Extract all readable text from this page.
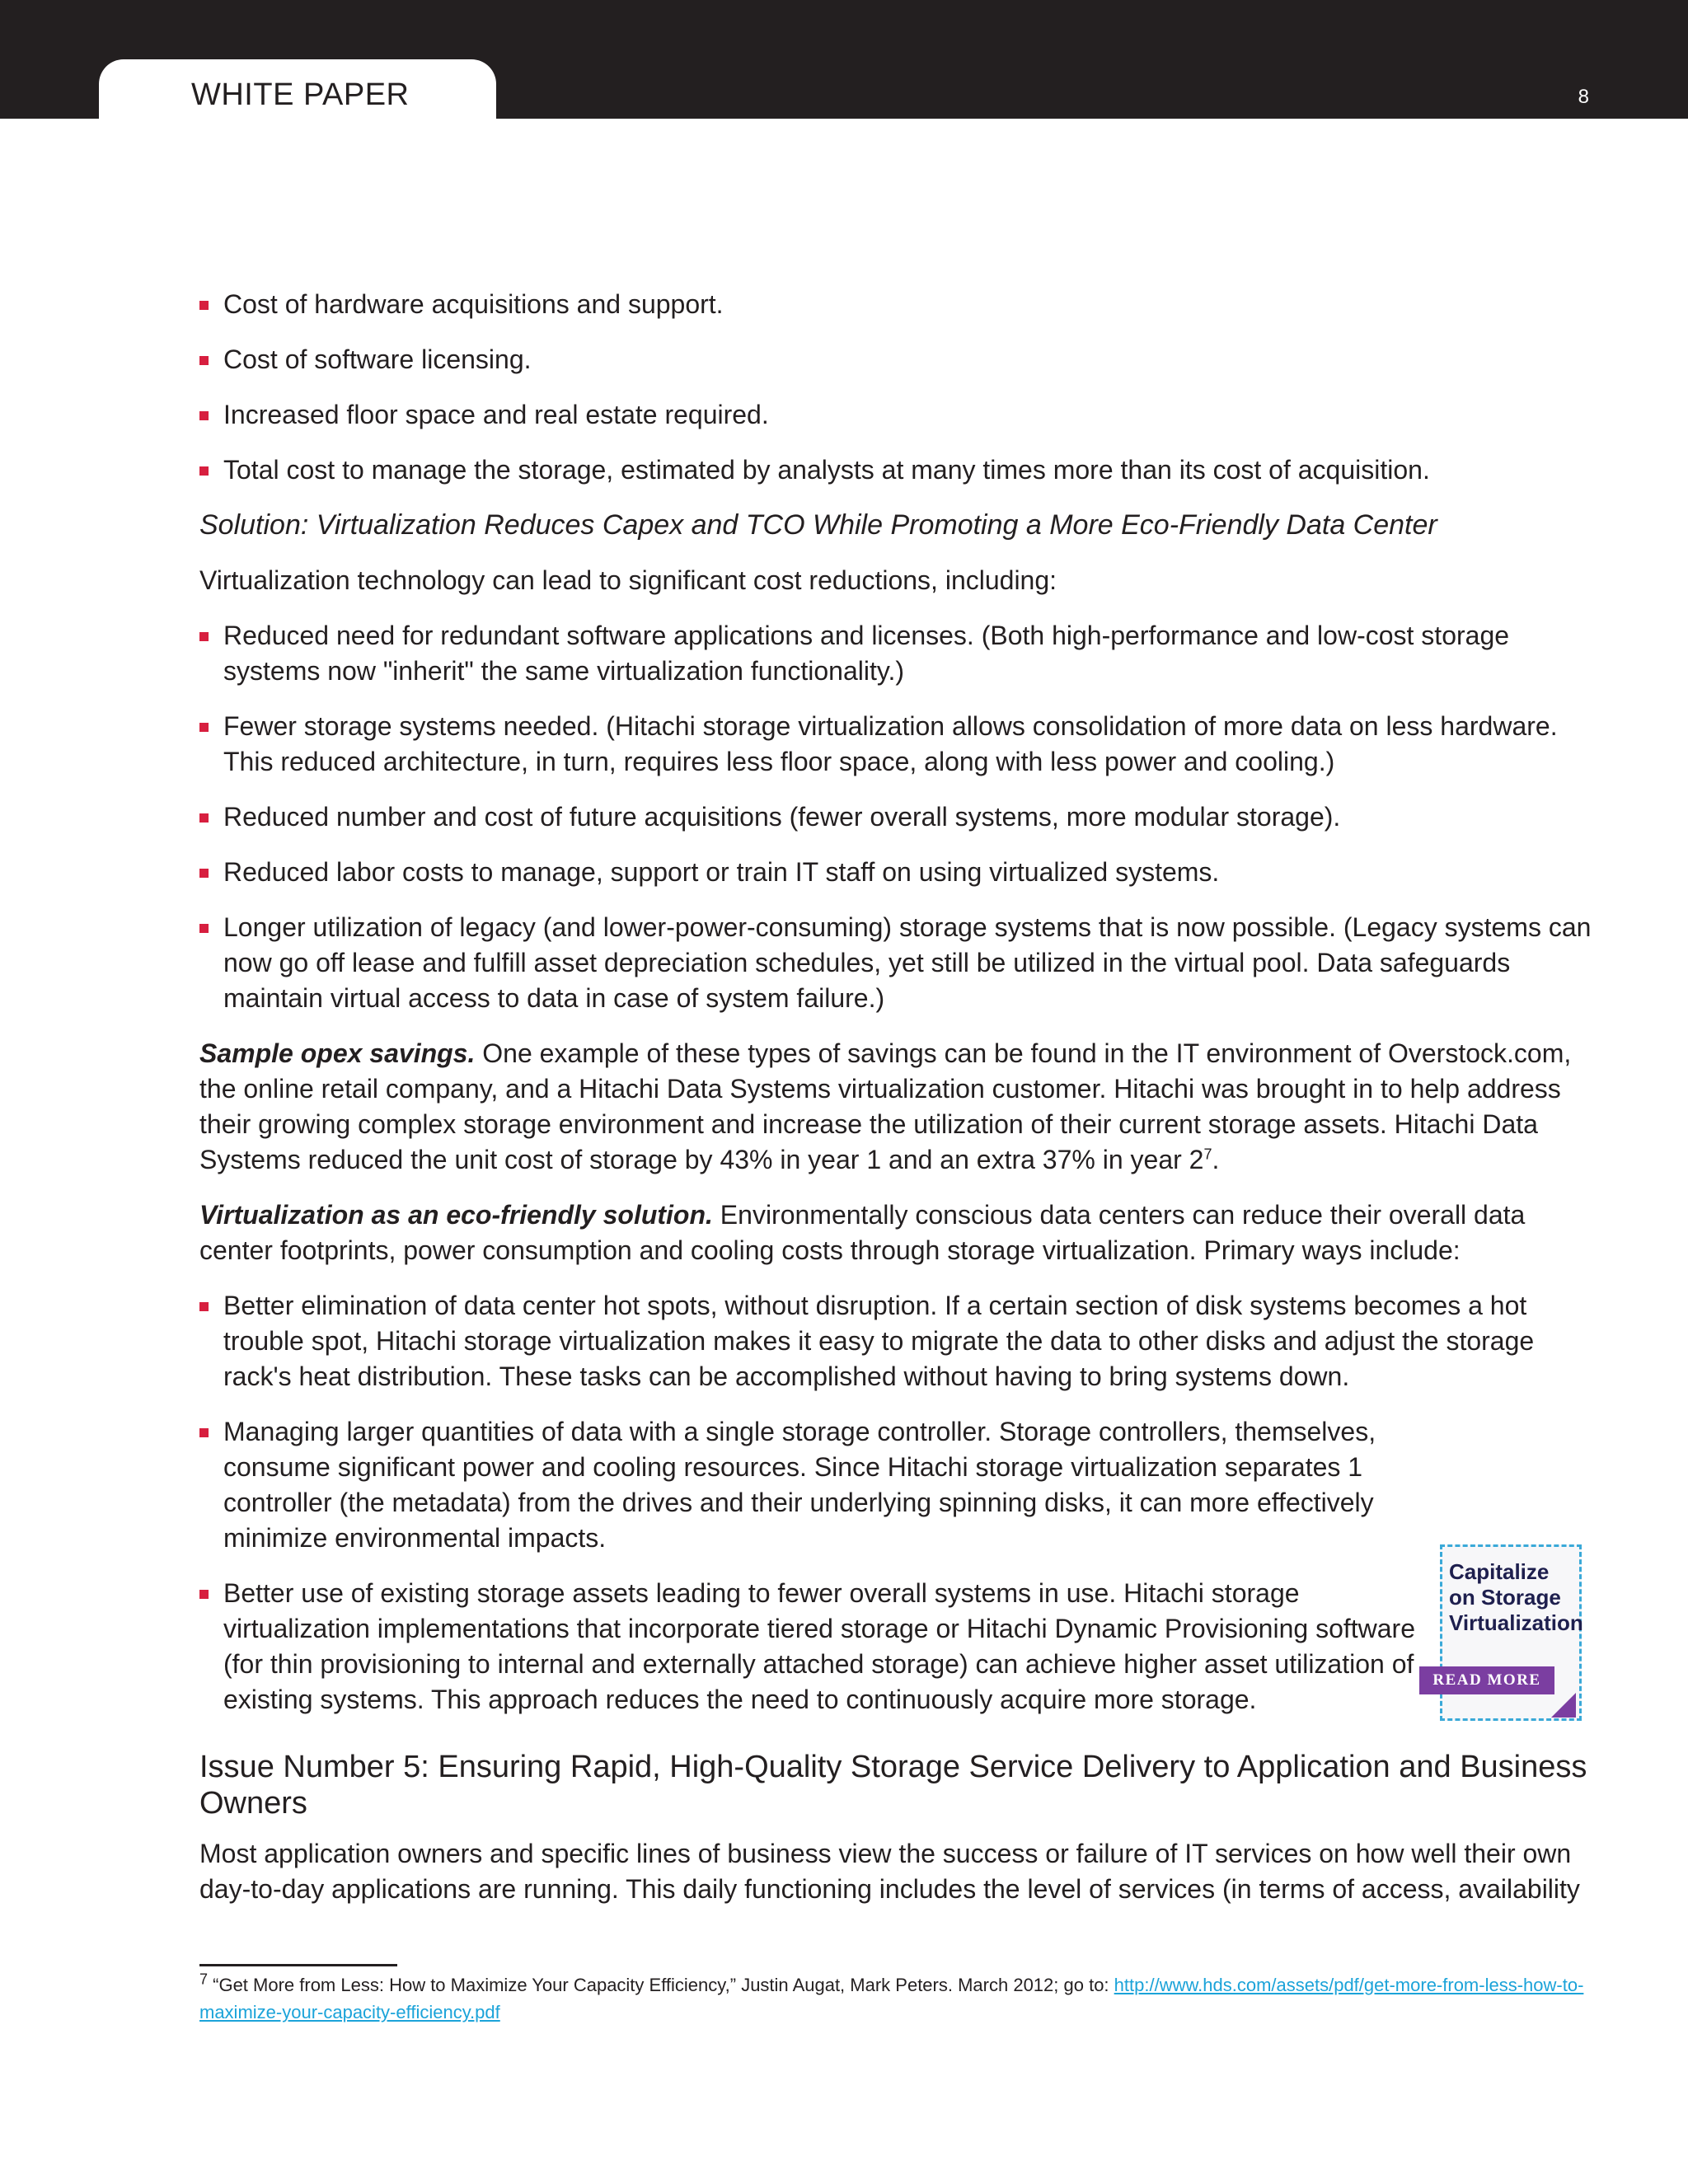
WHITE PAPER	8
Cost of hardware acquisitions and support.
Cost of software licensing.
Increased floor space and real estate required.
Total cost to manage the storage, estimated by analysts at many times more than its cost of acquisition.
Solution: Virtualization Reduces Capex and TCO While Promoting a More Eco-Friendly Data Center

Virtualization technology can lead to significant cost reductions, including:

Reduced need for redundant software applications and licenses. (Both high-performance and low-cost storage systems now "inherit" the same virtualization functionality.)
Fewer storage systems needed. (Hitachi storage virtualization allows consolidation of more data on less hardware. This reduced architecture, in turn, requires less floor space, along with less power and cooling.)
Reduced number and cost of future acquisitions (fewer overall systems, more modular storage).
Reduced labor costs to manage, support or train IT staff on using virtualized systems.
Longer utilization of legacy (and lower-power-consuming) storage systems that is now possible. (Legacy systems can now go off lease and fulfill asset depreciation schedules, yet still be utilized in the virtual pool. Data safeguards maintain virtual access to data in case of system failure.)

Sample opex savings. One example of these types of savings can be found in the IT environment of Overstock.com, the online retail company, and a Hitachi Data Systems virtualization customer. Hitachi was brought in to help address their growing complex storage environment and increase the utilization of their current storage assets. Hitachi Data Systems reduced the unit cost of storage by 43% in year 1 and an extra 37% in year $2^7$.

Virtualization as an eco-friendly solution. Environmentally conscious data centers can reduce their overall data center footprints, power consumption and cooling costs through storage virtualization. Primary ways include:

Better elimination of data center hot spots, without disruption. If a certain section of disk systems becomes a hot trouble spot, Hitachi storage virtualization makes it easy to migrate the data to other disks and adjust the storage rack's heat distribution. These tasks can be accomplished without having to bring systems down.
Managing larger quantities of data with a single storage controller. Storage controllers, themselves, consume significant power and cooling resources. Since Hitachi storage virtualization separates 1 controller (the metadata) from the drives and their underlying spinning disks, it can more effectively minimize environmental impacts.
Better use of existing storage assets leading to fewer overall systems in use. Hitachi storage virtualization implementations that incorporate tiered storage or Hitachi Dynamic Provisioning software (for thin provisioning to internal and externally attached storage) can achieve higher asset utilization of existing systems. This approach reduces the need to continuously acquire more storage.
Issue Number 5: Ensuring Rapid, High-Quality Storage Service Delivery to Application and Business Owners

Most application owners and specific lines of business view the success or failure of IT services on how well their own day-to-day applications are running. This daily functioning includes the level of services (in terms of access, availability

Capitalize
on Storage
Virtualization
READ MORE
$^7$ “Get More from Less: How to Maximize Your Capacity Efficiency,” Justin Augat, Mark Peters. March 2012; go to: http://www.hds.com/assets/pdf/get-more-from-less-how-to-maximize-your-capacity-efficiency.pdf
